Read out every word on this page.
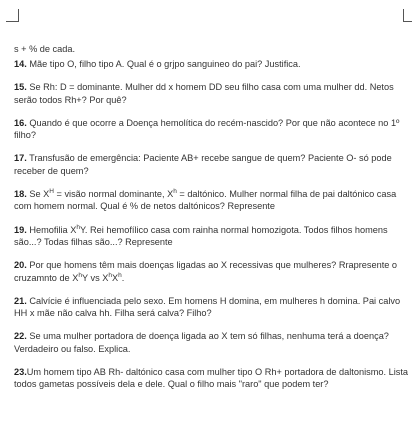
s + % de cada.

14. Mãe tipo O, filho tipo A. Qual é o grjpo sanguineo do pai? Justifica.

15. Se Rh: D = dominante. Mulher dd x homem DD seu filho casa com uma mulher dd. Netos serão todos Rh+? Por quê?

16. Quando é que ocorre a Doença hemolítica do recém-nascido? Por que não acontece no 1º filho?

17. Transfusão de emergência: Paciente AB+ recebe sangue de quem? Paciente O- só pode receber de quem?

18. Se $X^H$ = visão normal dominante, $X^h$ = daltónico. Mulher normal filha de pai daltónico casa com homem normal. Qual é % de netos daltónicos? Represente

19. Hemofilia $X^hY$. Rei hemofílico casa com rainha normal homozigota. Todos filhos homens são...? Todas filhas são...? Represente

20. Por que homens têm mais doenças ligadas ao X recessivas que mulheres? Rrapresente o cruzamnto de $X^hY$ vs $X^hX^h$.

21. Calvície é influenciada pelo sexo. Em homens H domina, em mulheres h domina. Pai calvo HH x mãe não calva hh. Filha será calva? Filho?

22. Se uma mulher portadora de doença ligada ao X tem só filhas, nenhuma terá a doença? Verdadeiro ou falso. Explica.

23.Um homem tipo AB Rh- daltónico casa com mulher tipo O Rh+ portadora de daltonismo. Lista todos gametas possíveis dela e dele. Qual o filho mais "raro" que podem ter?
